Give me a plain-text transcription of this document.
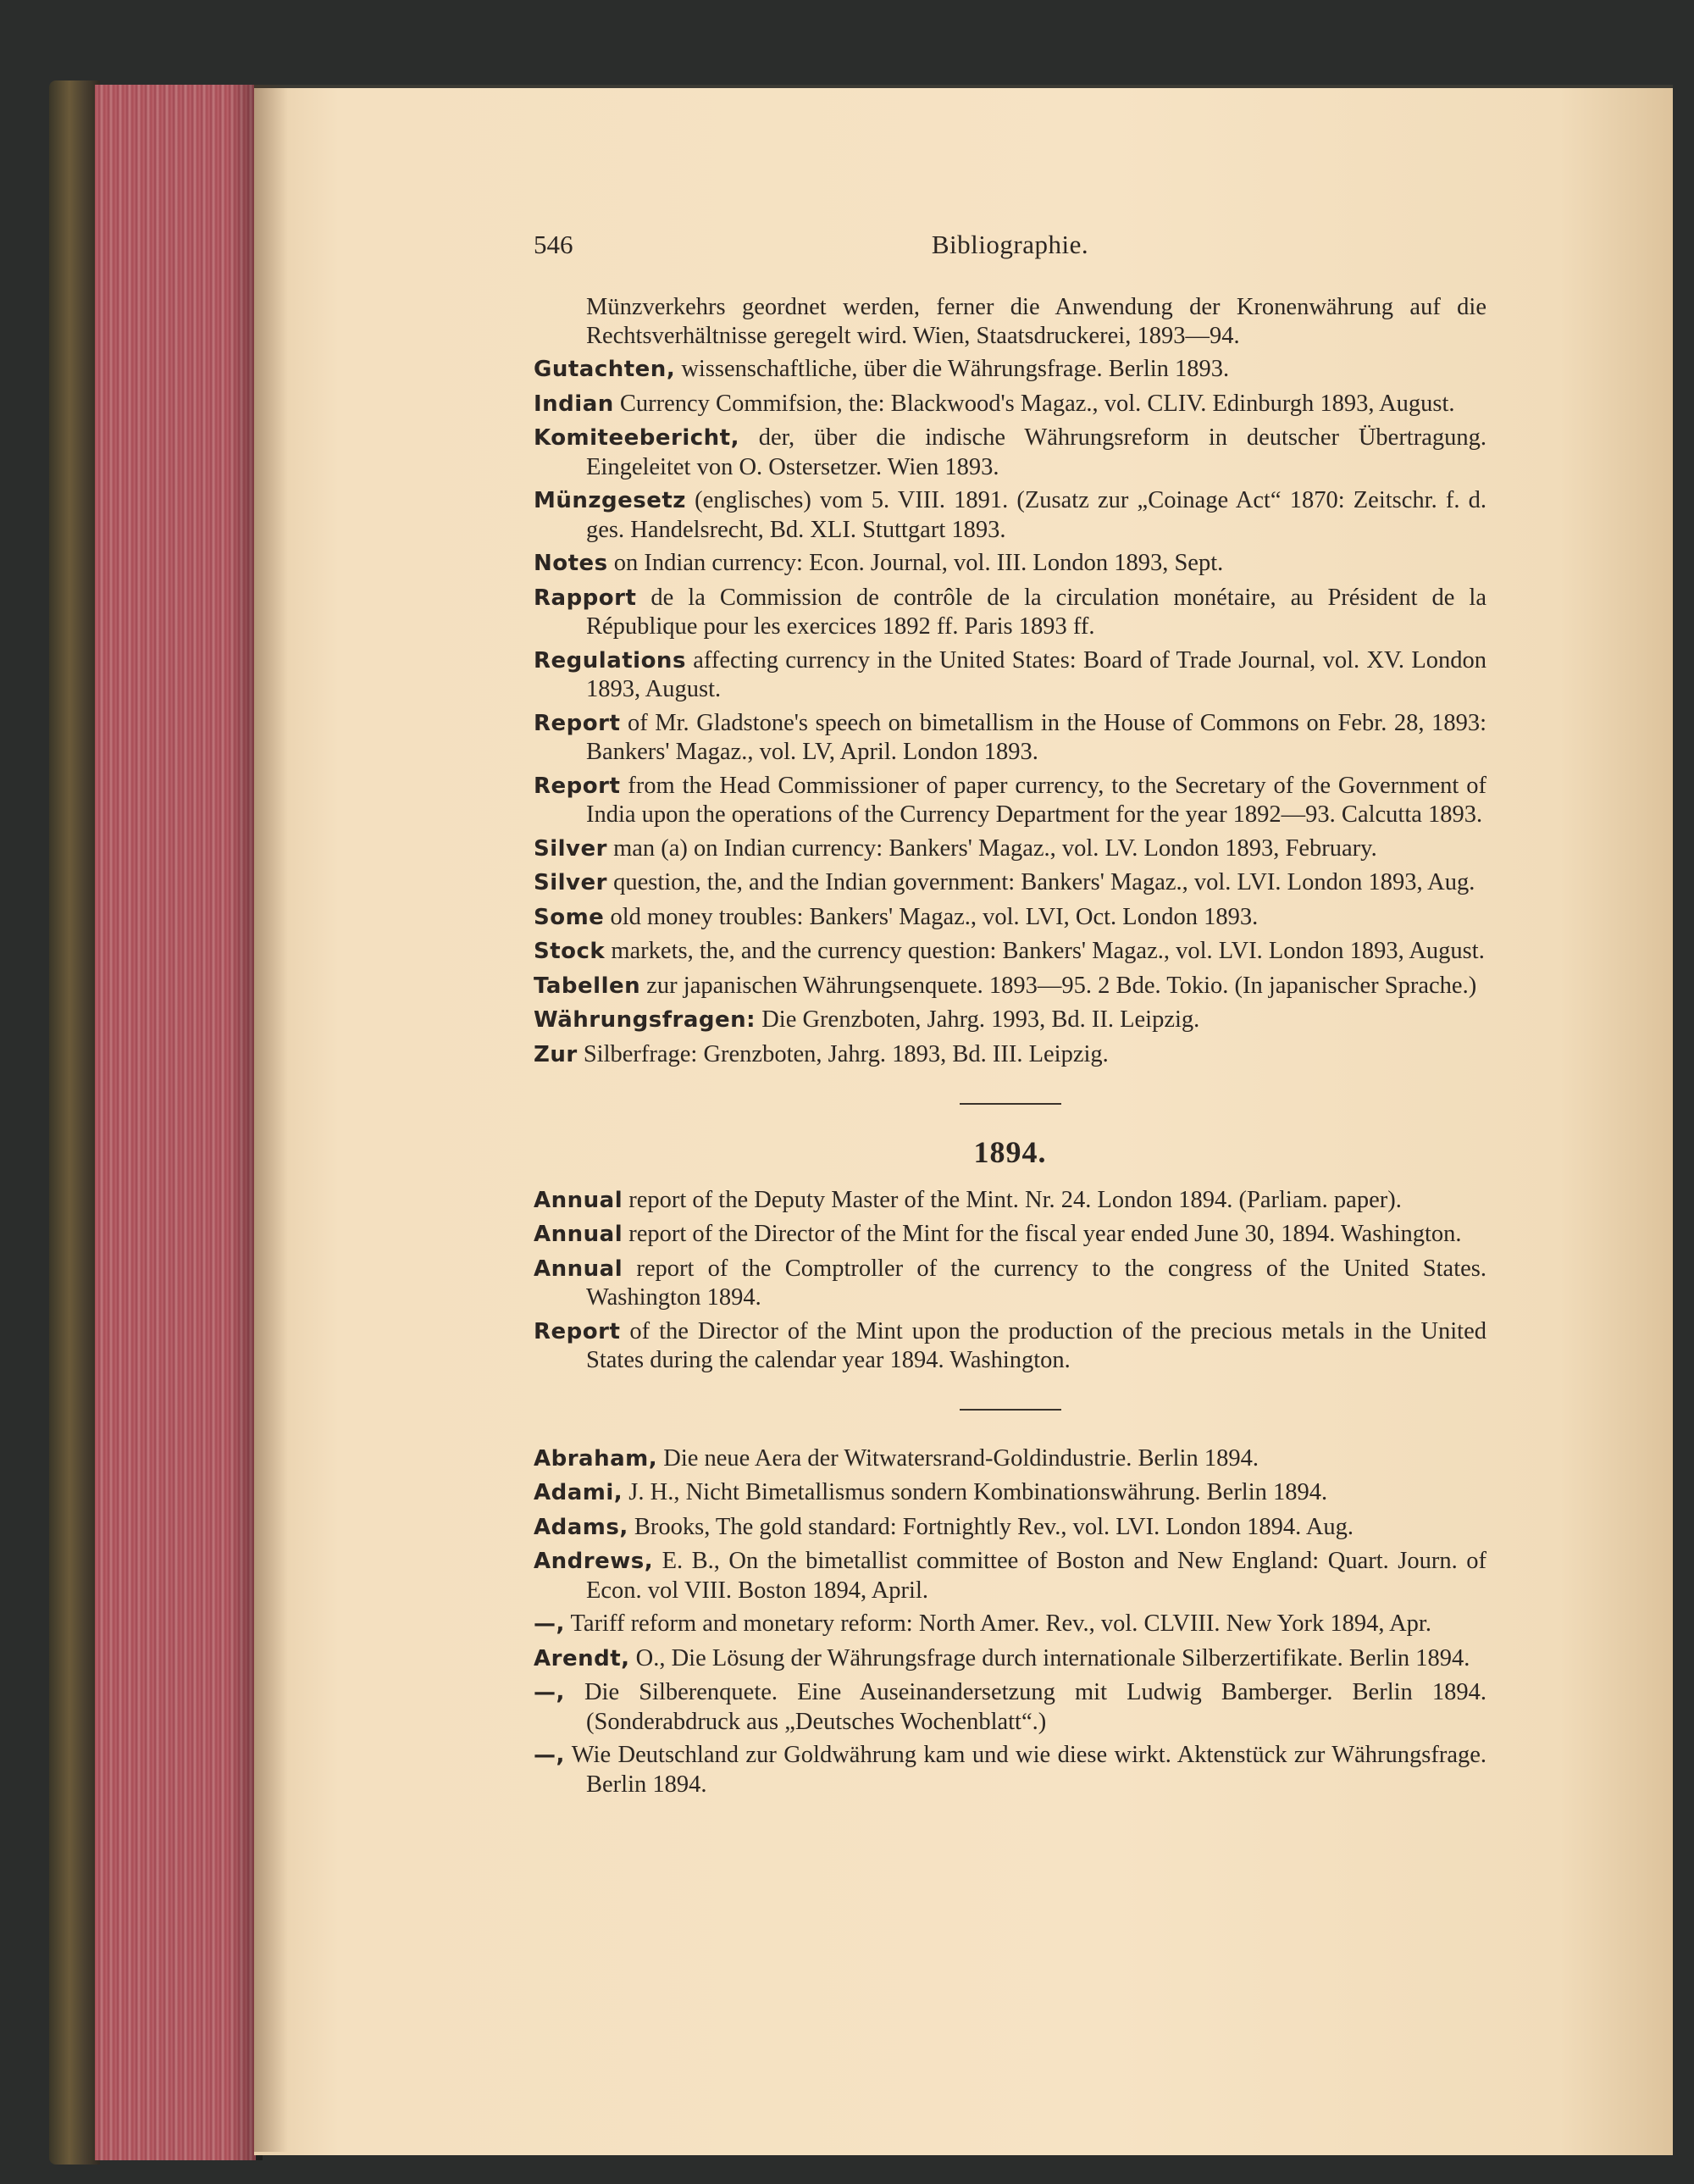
546	Bibliographie.

Münzverkehrs geordnet werden, ferner die Anwendung der Kronenwährung auf die Rechtsverhältnisse geregelt wird. Wien, Staatsdruckerei, 1893—94.

Gutachten, wissenschaftliche, über die Währungsfrage. Berlin 1893.

Indian Currency Commifsion, the: Blackwood's Magaz., vol. CLIV. Edinburgh 1893, August.

Komiteebericht, der, über die indische Währungsreform in deutscher Übertragung. Eingeleitet von O. Ostersetzer. Wien 1893.

Münzgesetz (englisches) vom 5. VIII. 1891. (Zusatz zur „Coinage Act“ 1870: Zeitschr. f. d. ges. Handelsrecht, Bd. XLI. Stuttgart 1893.

Notes on Indian currency: Econ. Journal, vol. III. London 1893, Sept.

Rapport de la Commission de contrôle de la circulation monétaire, au Président de la République pour les exercices 1892 ff. Paris 1893 ff.

Regulations affecting currency in the United States: Board of Trade Journal, vol. XV. London 1893, August.

Report of Mr. Gladstone's speech on bimetallism in the House of Commons on Febr. 28, 1893: Bankers' Magaz., vol. LV, April. London 1893.

Report from the Head Commissioner of paper currency, to the Secretary of the Government of India upon the operations of the Currency Department for the year 1892—93. Calcutta 1893.

Silver man (a) on Indian currency: Bankers' Magaz., vol. LV. London 1893, February.

Silver question, the, and the Indian government: Bankers' Magaz., vol. LVI. London 1893, Aug.

Some old money troubles: Bankers' Magaz., vol. LVI, Oct. London 1893.

Stock markets, the, and the currency question: Bankers' Magaz., vol. LVI. London 1893, August.

Tabellen zur japanischen Währungsenquete. 1893—95. 2 Bde. Tokio. (In japanischer Sprache.)

Währungsfragen: Die Grenzboten, Jahrg. 1993, Bd. II. Leipzig.

Zur Silberfrage: Grenzboten, Jahrg. 1893, Bd. III. Leipzig.

1894.

Annual report of the Deputy Master of the Mint. Nr. 24. London 1894. (Parliam. paper).

Annual report of the Director of the Mint for the fiscal year ended June 30, 1894. Washington.

Annual report of the Comptroller of the currency to the congress of the United States. Washington 1894.

Report of the Director of the Mint upon the production of the precious metals in the United States during the calendar year 1894. Washington.

Abraham, Die neue Aera der Witwatersrand-Goldindustrie. Berlin 1894.

Adami, J. H., Nicht Bimetallismus sondern Kombinationswährung. Berlin 1894.

Adams, Brooks, The gold standard: Fortnightly Rev., vol. LVI. London 1894. Aug.

Andrews, E. B., On the bimetallist committee of Boston and New England: Quart. Journ. of Econ. vol VIII. Boston 1894, April.

—, Tariff reform and monetary reform: North Amer. Rev., vol. CLVIII. New York 1894, Apr.

Arendt, O., Die Lösung der Währungsfrage durch internationale Silberzertifikate. Berlin 1894.

—, Die Silberenquete. Eine Auseinandersetzung mit Ludwig Bamberger. Berlin 1894. (Sonderabdruck aus „Deutsches Wochenblatt“.)

—, Wie Deutschland zur Goldwährung kam und wie diese wirkt. Aktenstück zur Währungsfrage. Berlin 1894.
